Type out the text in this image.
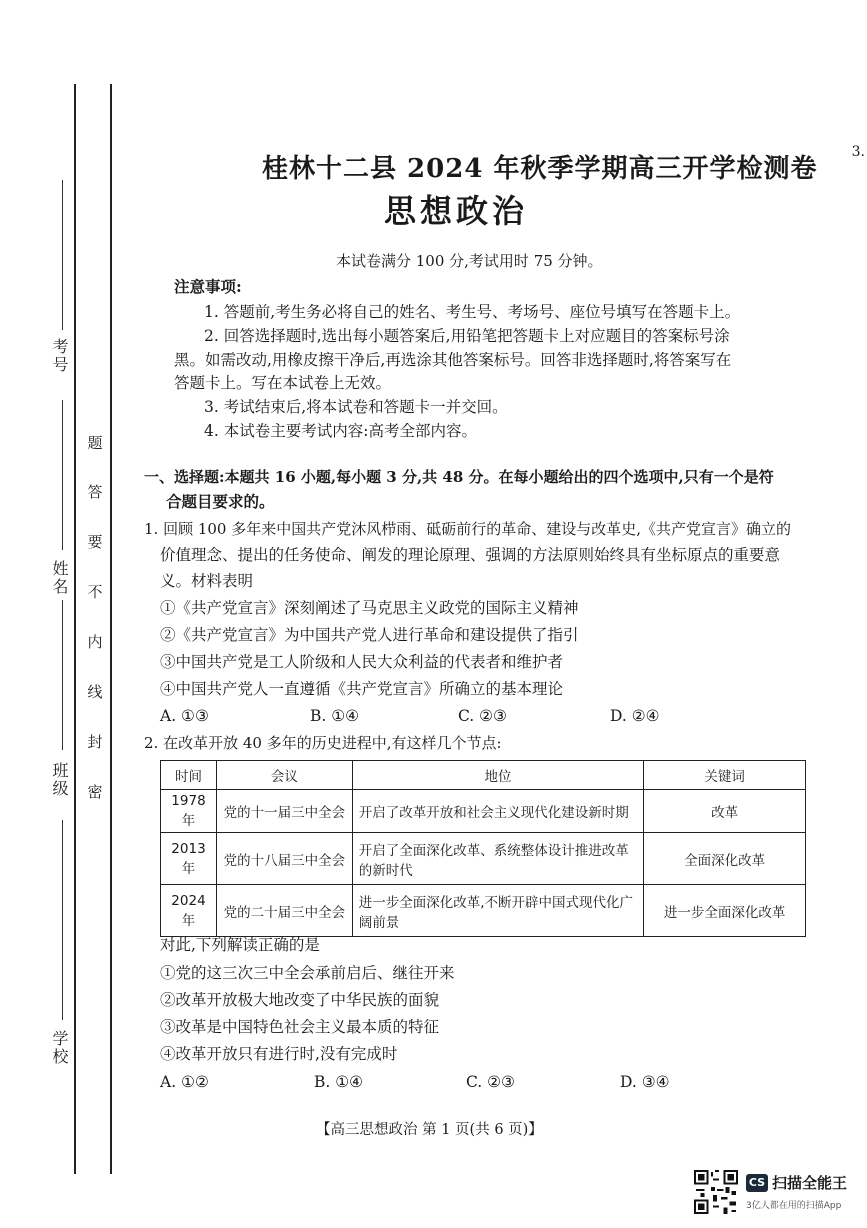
考号
姓名
班级
学校
题
答
要
不
内
线
封
密
桂林十二县 2024 年秋季学期高三开学检测卷
思想政治
3.
本试卷满分 100 分,考试用时 75 分钟。
注意事项:
1. 答题前,考生务必将自己的姓名、考生号、考场号、座位号填写在答题卡上。
2. 回答选择题时,选出每小题答案后,用铅笔把答题卡上对应题目的答案标号涂
黑。如需改动,用橡皮擦干净后,再选涂其他答案标号。回答非选择题时,将答案写在
答题卡上。写在本试卷上无效。
3. 考试结束后,将本试卷和答题卡一并交回。
4. 本试卷主要考试内容:高考全部内容。
一、选择题:本题共 16 小题,每小题 3 分,共 48 分。在每小题给出的四个选项中,只有一个是符
合题目要求的。
1. 回顾 100 多年来中国共产党沐风栉雨、砥砺前行的革命、建设与改革史,《共产党宣言》确立的
价值理念、提出的任务使命、阐发的理论原理、强调的方法原则始终具有坐标原点的重要意
义。材料表明
①《共产党宣言》深刻阐述了马克思主义政党的国际主义精神
②《共产党宣言》为中国共产党人进行革命和建设提供了指引
③中国共产党是工人阶级和人民大众利益的代表者和维护者
④中国共产党人一直遵循《共产党宣言》所确立的基本理论
A. ①③	B. ①④	C. ②③	D. ②④
2. 在改革开放 40 多年的历史进程中,有这样几个节点:
时间	会议	地位	关键词
1978 年	党的十一届三中全会	开启了改革开放和社会主义现代化建设新时期	改革
2013 年	党的十八届三中全会	开启了全面深化改革、系统整体设计推进改革的新时代	全面深化改革
2024 年	党的二十届三中全会	进一步全面深化改革,不断开辟中国式现代化广阔前景	进一步全面深化改革
对此,下列解读正确的是
①党的这三次三中全会承前启后、继往开来
②改革开放极大地改变了中华民族的面貌
③改革是中国特色社会主义最本质的特征
④改革开放只有进行时,没有完成时
A. ①②	B. ①④	C. ②③	D. ③④
【高三思想政治 第 1 页(共 6 页)】
CS 扫描全能王
3亿人都在用的扫描App
